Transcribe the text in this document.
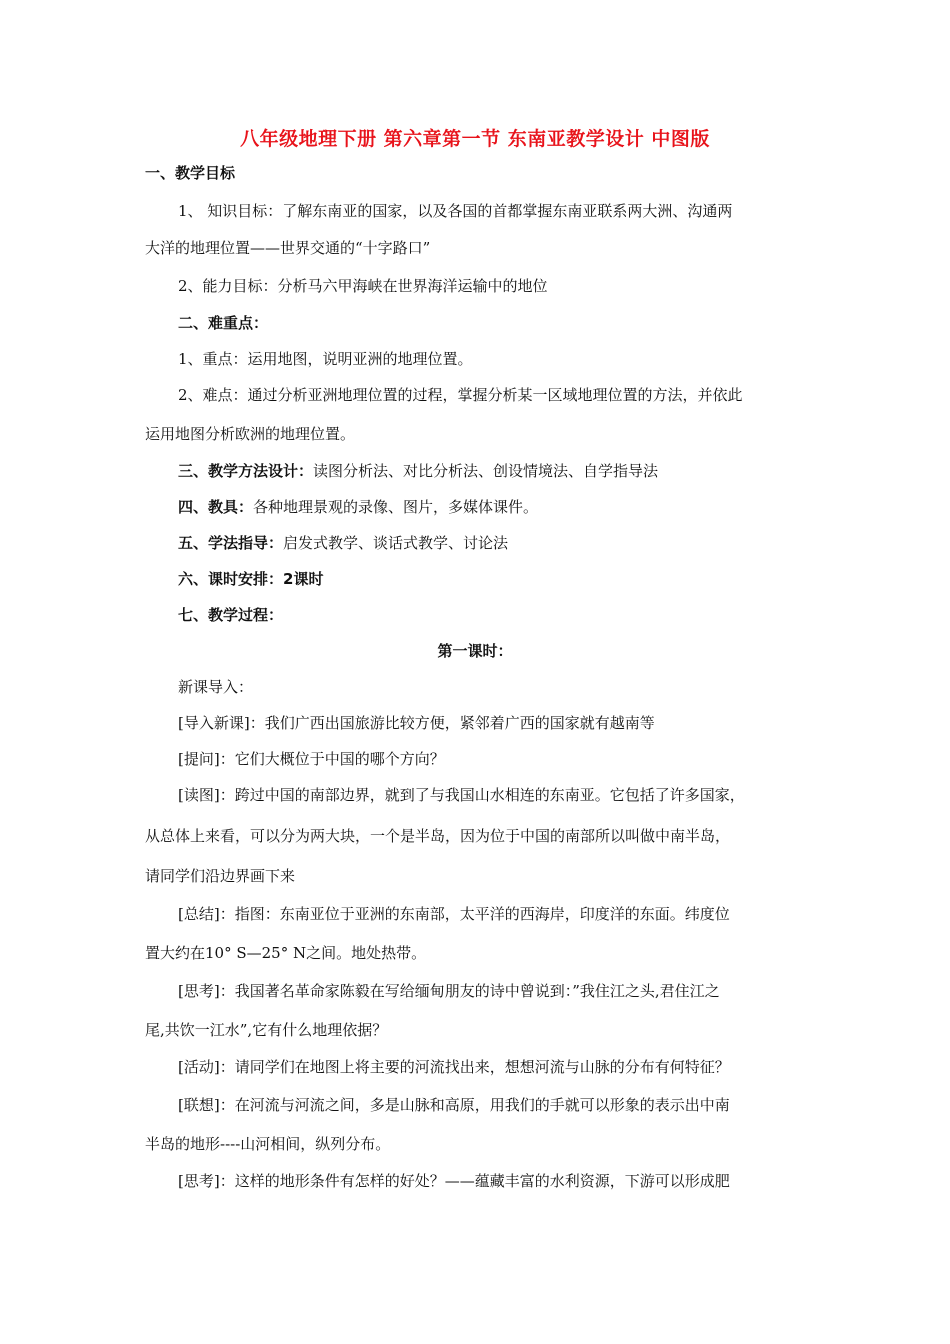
八年级地理下册 第六章第一节 东南亚教学设计 中图版
一、教学目标
1、 知识目标：了解东南亚的国家，以及各国的首都掌握东南亚联系两大洲、沟通两
大洋的地理位置——世界交通的“十字路口”
2、能力目标：分析马六甲海峡在世界海洋运输中的地位
二、难重点：
1、重点：运用地图，说明亚洲的地理位置。
2、难点：通过分析亚洲地理位置的过程，掌握分析某一区域地理位置的方法，并依此
运用地图分析欧洲的地理位置。
三、教学方法设计：读图分析法、对比分析法、创设情境法、自学指导法
四、教具：各种地理景观的录像、图片，多媒体课件。
五、学法指导：启发式教学、谈话式教学、讨论法
六、课时安排：2课时
七、教学过程：
第一课时：
新课导入：
[导入新课]：我们广西出国旅游比较方便，紧邻着广西的国家就有越南等
[提问]：它们大概位于中国的哪个方向？
[读图]：跨过中国的南部边界，就到了与我国山水相连的东南亚。它包括了许多国家，
从总体上来看，可以分为两大块，一个是半岛，因为位于中国的南部所以叫做中南半岛，
请同学们沿边界画下来
[总结]：指图：东南亚位于亚洲的东南部，太平洋的西海岸，印度洋的东面。纬度位
置大约在10° S—25° N之间。地处热带。
[思考]：我国著名革命家陈毅在写给缅甸朋友的诗中曾说到：”我住江之头,君住江之
尾,共饮一江水”,它有什么地理依据？
[活动]：请同学们在地图上将主要的河流找出来，想想河流与山脉的分布有何特征？
[联想]：在河流与河流之间，多是山脉和高原，用我们的手就可以形象的表示出中南
半岛的地形----山河相间，纵列分布。
[思考]：这样的地形条件有怎样的好处？——蕴藏丰富的水利资源，下游可以形成肥
